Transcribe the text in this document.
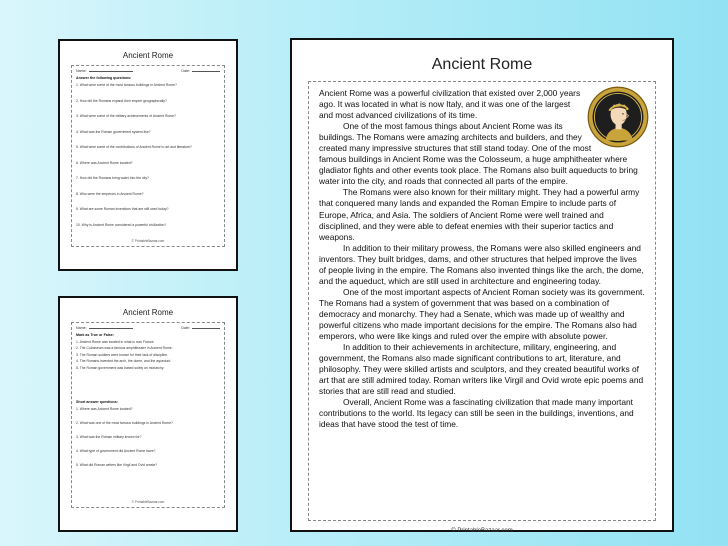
Ancient Rome
Name:	Date:
Answer the following questions:
1. What were some of the most famous buildings in Ancient Rome?
2. How did the Romans expand their empire geographically?
3. What were some of the military achievements of Ancient Rome?
4. What was the Roman government system like?
5. What were some of the contributions of Ancient Rome to art and literature?
6. Where was Ancient Rome located?
7. How did the Romans bring water into the city?
8. Who were the emperors in Ancient Rome?
9. What are some Roman inventions that are still used today?
10. Why is Ancient Rome considered a powerful civilization?
© PrintableBazaar.com
Ancient Rome
Name:	Date:
Mark as True or False:
1. Ancient Rome was located in what is now France.
2. The Colosseum was a famous amphitheater in Ancient Rome.
3. The Roman soldiers were known for their lack of discipline.
4. The Romans invented the arch, the dome, and the aqueduct.
5. The Roman government was based solely on monarchy.
Short answer questions:
1. Where was Ancient Rome located?
2. What was one of the most famous buildings in Ancient Rome?
3. What was the Roman military known for?
4. What type of government did Ancient Rome have?
5. What did Roman writers like Virgil and Ovid create?
© PrintableBazaar.com
Ancient Rome

Ancient Rome was a powerful civilization that existed over 2,000 years ago. It was located in what is now Italy, and it was one of the largest and most advanced civilizations of its time.

One of the most famous things about Ancient Rome was its buildings. The Romans were amazing architects and builders, and they created many impressive structures that still stand today. One of the most famous buildings in Ancient Rome was the Colosseum, a huge amphitheater where gladiator fights and other events took place. The Romans also built aqueducts to bring water into the city, and roads that connected all parts of the empire.

The Romans were also known for their military might. They had a powerful army that conquered many lands and expanded the Roman Empire to include parts of Europe, Africa, and Asia. The soldiers of Ancient Rome were well trained and disciplined, and they were able to defeat enemies with their superior tactics and weapons.

In addition to their military prowess, the Romans were also skilled engineers and inventors. They built bridges, dams, and other structures that helped improve the lives of people living in the empire. The Romans also invented things like the arch, the dome, and the aqueduct, which are still used in architecture and engineering today.

One of the most important aspects of Ancient Roman society was its government. The Romans had a system of government that was based on a combination of democracy and monarchy. They had a Senate, which was made up of wealthy and powerful citizens who made important decisions for the empire. The Romans also had emperors, who were like kings and ruled over the empire with absolute power.

In addition to their achievements in architecture, military, engineering, and government, the Romans also made significant contributions to art, literature, and philosophy. They were skilled artists and sculptors, and they created beautiful works of art that are still admired today. Roman writers like Virgil and Ovid wrote epic poems and stories that are still read and studied.

Overall, Ancient Rome was a fascinating civilization that made many important contributions to the world. Its legacy can still be seen in the buildings, inventions, and ideas that have stood the test of time.

© PrintableBazaar.com
